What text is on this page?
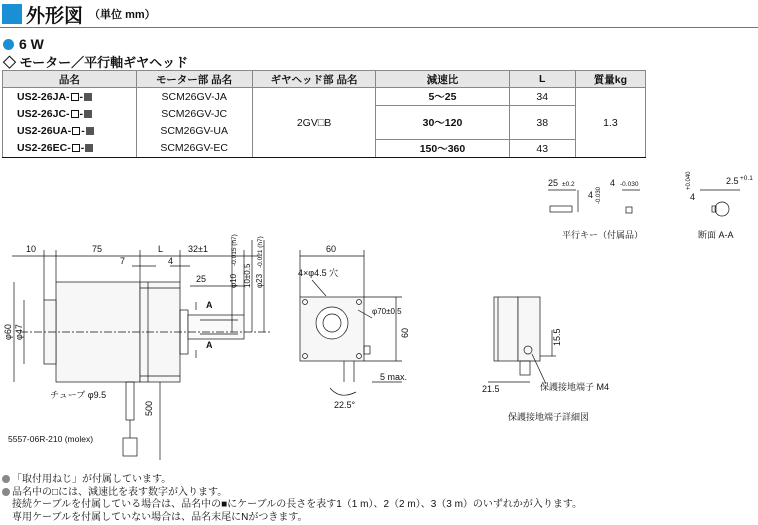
外形図 （単位 mm）
6 W
◇ モーター／平行軸ギヤヘッド
品名	モーター部 品名	ギヤヘッド部 品名	減速比	L	質量kg
US2-26JA- -	SCM26GV-JA	2GV□B	5～25	34	1.3
US2-26JC- -	SCM26GV-JC		30～120	38	
US2-26UA- -	SCM26GV-UA				
US2-26EC- -	SCM26GV-EC		150～360	43	
10	75	L	32±1
7	4
25
A
A
φ10
-0.015 (h7)
10±0.5 φ23
-0.021 (h7)
φ60 φ47
チューブ φ9.5
500
5557-06R-210 (molex)
60
4×φ4.5 穴
φ70±0.5
60
22.5°
5 max.
25 ±0.2
4 -0.030
4 -0.030
平行キー（付属品）
4
+0.040	2.5 +0.1
断面 A-A
15.5
21.5	保護接地端子 M4
保護接地端子詳細図
「取付用ねじ」が付属しています。
品名中の□には、減速比を表す数字が入ります。
接続ケーブルを付属している場合は、品名中の■にケーブルの長さを表す1（1 m）、2（2 m）、3（3 m）のいずれかが入ります。
専用ケーブルを付属していない場合は、品名末尾にNがつきます。
